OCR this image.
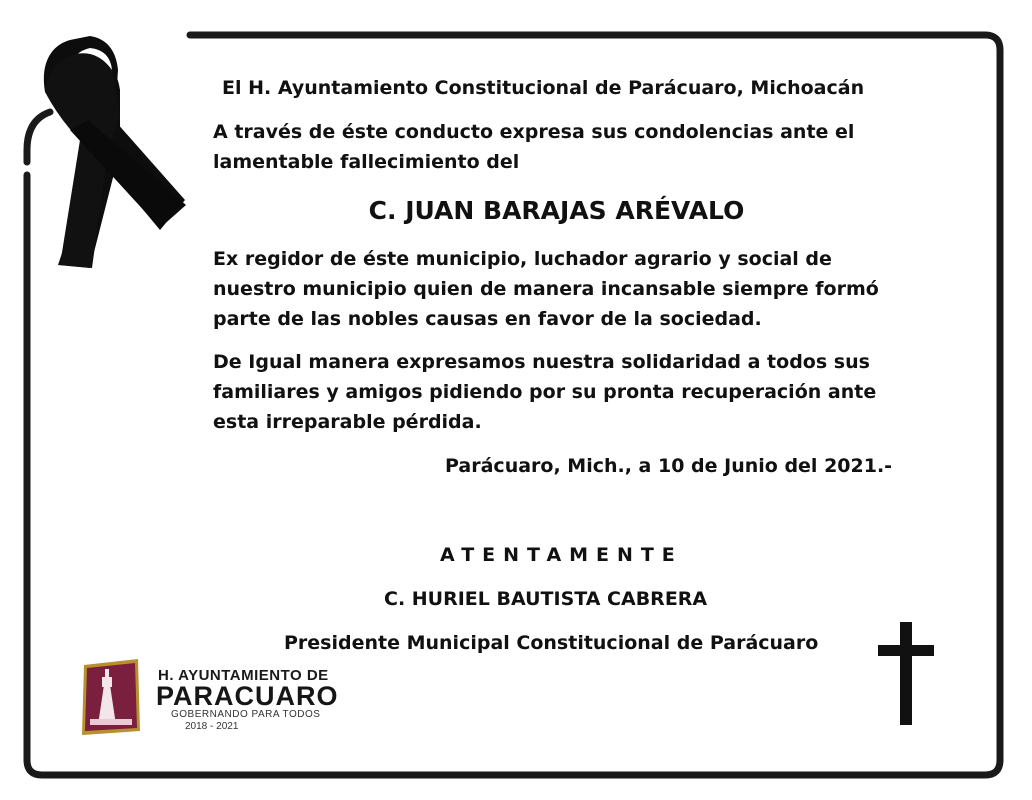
El H. Ayuntamiento Constitucional de Parácuaro, Michoacán

A través de éste conducto expresa sus condolencias ante el lamentable fallecimiento del

C. JUAN BARAJAS ARÉVALO

Ex regidor de éste municipio, luchador agrario y social de nuestro municipio quien de manera incansable siempre formó parte de las nobles causas en favor de la sociedad.

De Igual manera expresamos nuestra solidaridad a todos sus familiares y amigos pidiendo por su pronta recuperación ante esta irreparable pérdida.

Parácuaro, Mich., a 10 de Junio del 2021.-

ATENTAMENTE

C. HURIEL BAUTISTA CABRERA

Presidente Municipal Constitucional de Parácuaro

H. AYUNTAMIENTO DE

PARACUARO

GOBERNANDO PARA TODOS

2018 - 2021
